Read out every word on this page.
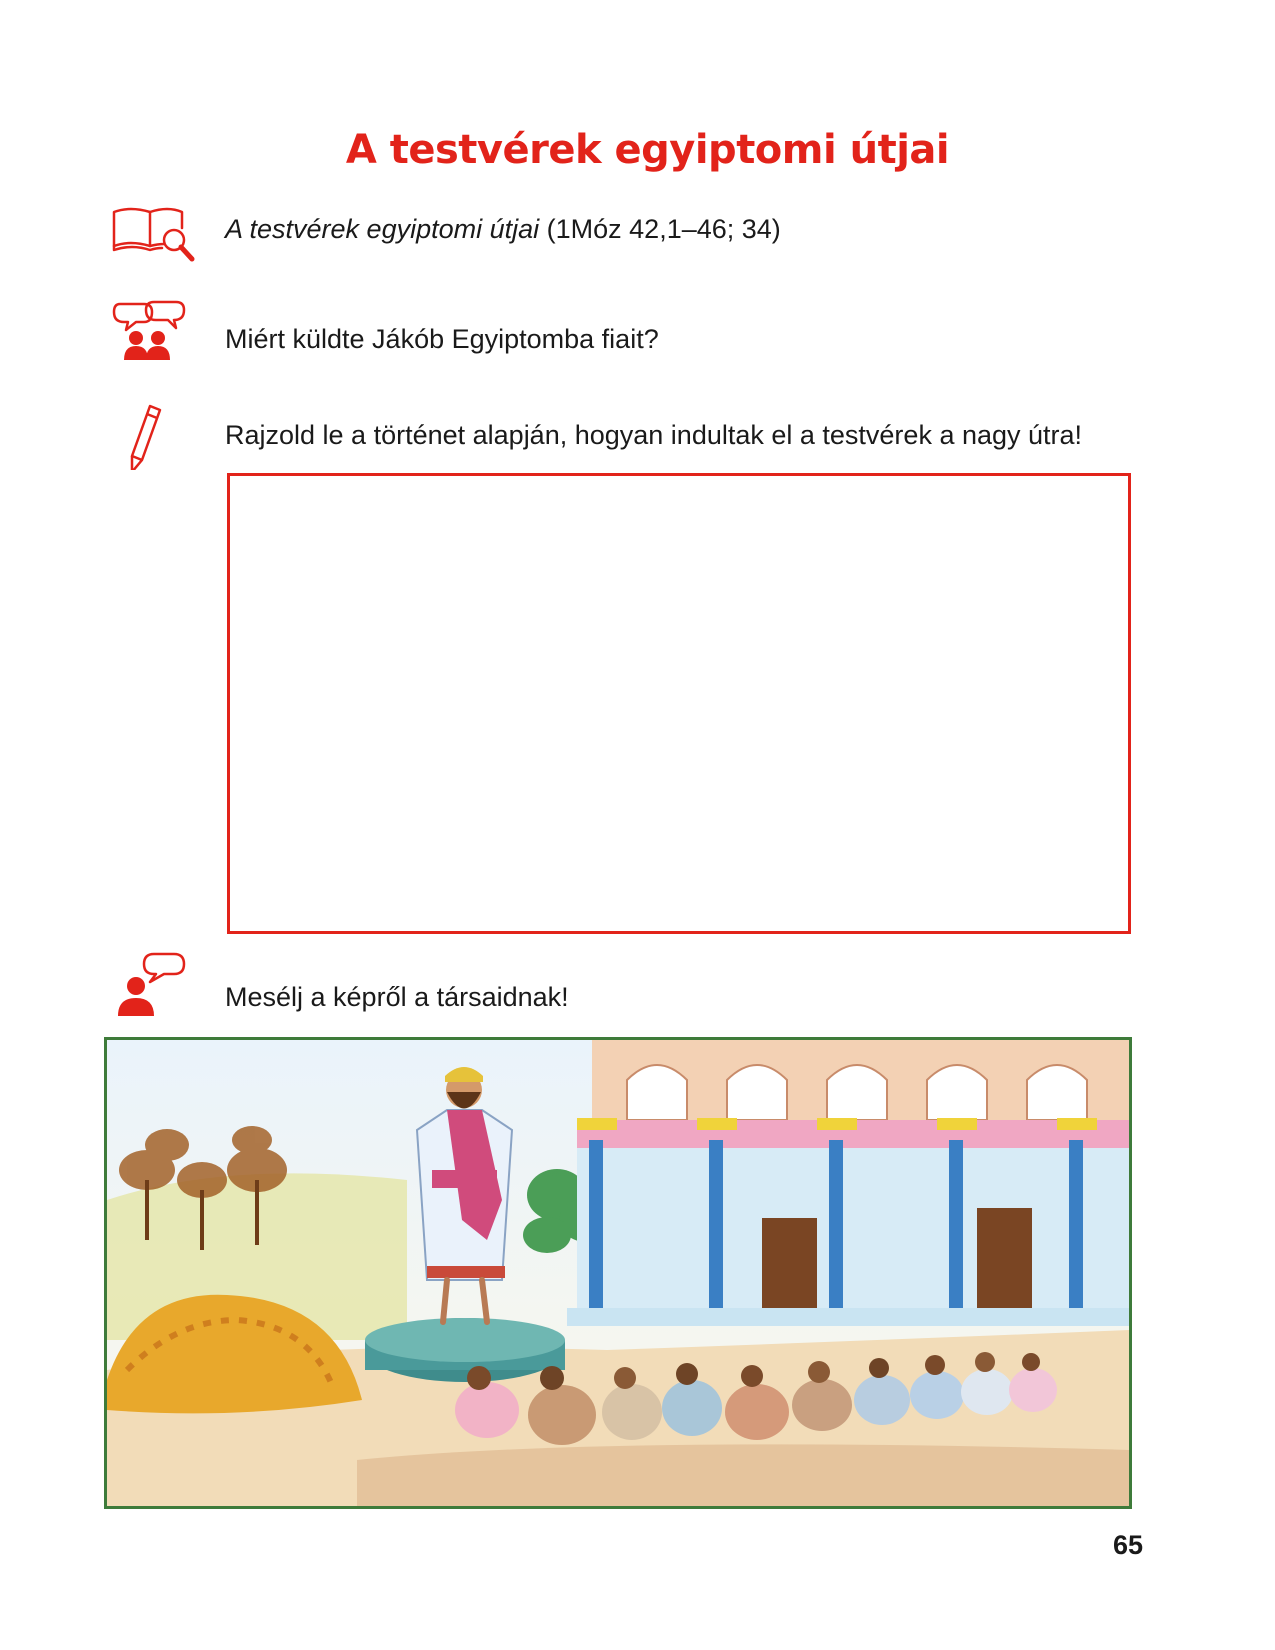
A testvérek egyiptomi útjai
A testvérek egyiptomi útjai (1Móz 42,1–46; 34)
Miért küldte Jákób Egyiptomba fiait?
Rajzold le a történet alapján, hogyan indultak el a testvérek a nagy útra!
Mesélj a képről a társaidnak!
65
